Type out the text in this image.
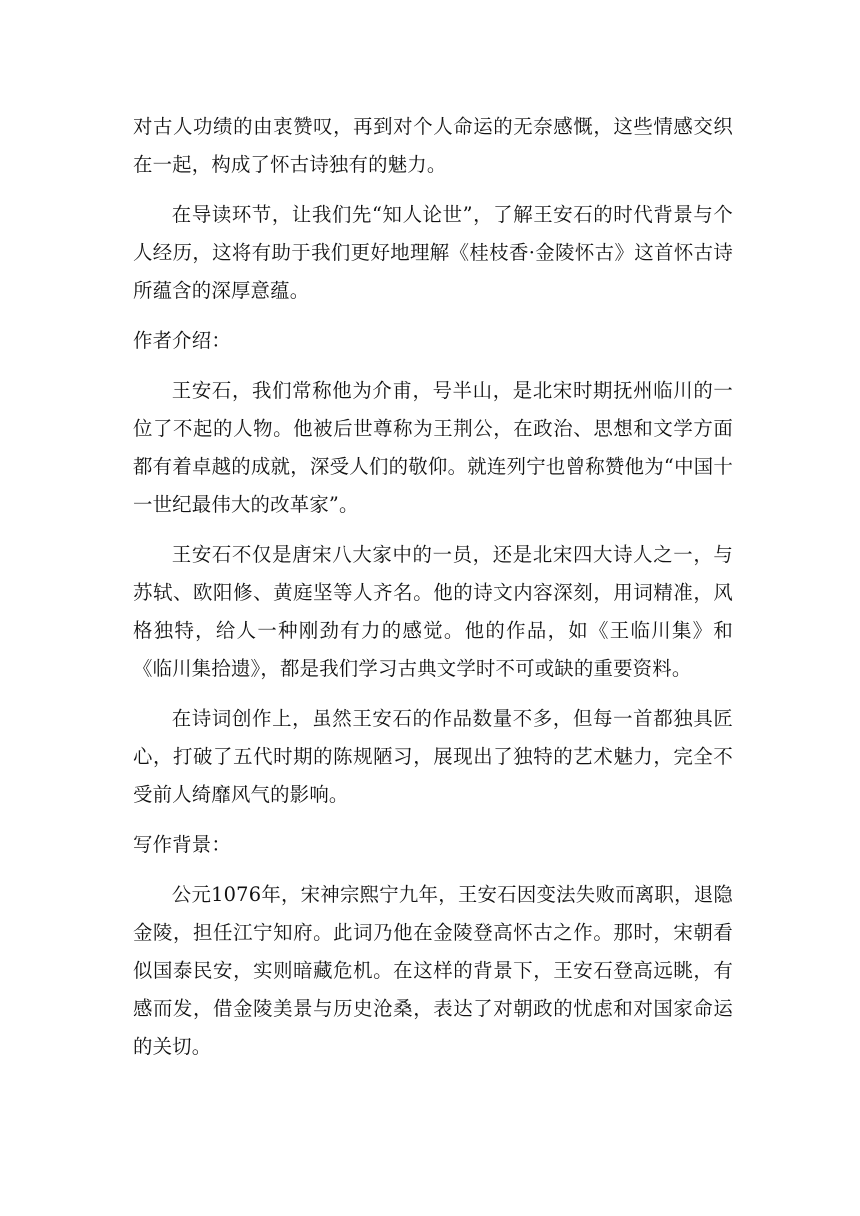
对古人功绩的由衷赞叹，再到对个人命运的无奈感慨，这些情感交织在一起，构成了怀古诗独有的魅力。

在导读环节，让我们先“知人论世”，了解王安石的时代背景与个人经历，这将有助于我们更好地理解《桂枝香·金陵怀古》这首怀古诗所蕴含的深厚意蕴。

作者介绍：

王安石，我们常称他为介甫，号半山，是北宋时期抚州临川的一位了不起的人物。他被后世尊称为王荆公，在政治、思想和文学方面都有着卓越的成就，深受人们的敬仰。就连列宁也曾称赞他为“中国十一世纪最伟大的改革家”。

王安石不仅是唐宋八大家中的一员，还是北宋四大诗人之一，与苏轼、欧阳修、黄庭坚等人齐名。他的诗文内容深刻，用词精准，风格独特，给人一种刚劲有力的感觉。他的作品，如《王临川集》和《临川集拾遗》，都是我们学习古典文学时不可或缺的重要资料。

在诗词创作上，虽然王安石的作品数量不多，但每一首都独具匠心，打破了五代时期的陈规陋习，展现出了独特的艺术魅力，完全不受前人绮靡风气的影响。

写作背景：

公元1076年，宋神宗熙宁九年，王安石因变法失败而离职，退隐金陵，担任江宁知府。此词乃他在金陵登高怀古之作。那时，宋朝看似国泰民安，实则暗藏危机。在这样的背景下，王安石登高远眺，有感而发，借金陵美景与历史沧桑，表达了对朝政的忧虑和对国家命运的关切。
